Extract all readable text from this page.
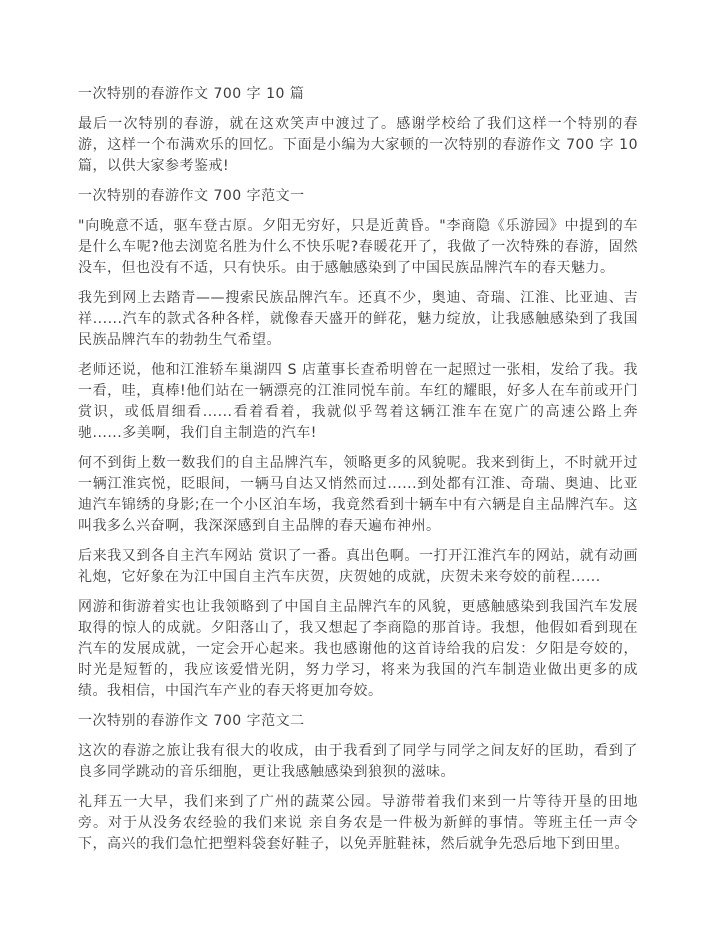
一次特别的春游作文 700 字 10 篇

最后一次特别的春游，就在这欢笑声中渡过了。感谢学校给了我们这样一个特别的春游，这样一个布满欢乐的回忆。下面是小编为大家顿的一次特别的春游作文 700 字 10 篇，以供大家参考鉴戒!

一次特别的春游作文 700 字范文一

"向晚意不适，驱车登古原。夕阳无穷好，只是近黄昏。"李商隐《乐游园》中提到的车是什么车呢?他去浏览名胜为什么不快乐呢?春暖花开了，我做了一次特殊的春游，固然没车，但也没有不适，只有快乐。由于感触感染到了中国民族品牌汽车的春天魅力。

我先到网上去踏青——搜索民族品牌汽车。还真不少，奥迪、奇瑞、江淮、比亚迪、吉祥......汽车的款式各种各样，就像春天盛开的鲜花，魅力绽放，让我感触感染到了我国民族品牌汽车的勃勃生气希望。

老师还说，他和江淮轿车巢湖四 S 店董事长查希明曾在一起照过一张相，发给了我。我一看，哇，真棒!他们站在一辆漂亮的江淮同悦车前。车红的耀眼，好多人在车前或开门赏识，或低眉细看......看着看着，我就似乎驾着这辆江淮车在宽广的高速公路上奔驰......多美啊，我们自主制造的汽车!

何不到街上数一数我们的自主品牌汽车，领略更多的风貌呢。我来到街上，不时就开过一辆江淮宾悦，眨眼间，一辆马自达又悄然而过......到处都有江淮、奇瑞、奥迪、比亚迪汽车锦绣的身影;在一个小区泊车场，我竟然看到十辆车中有六辆是自主品牌汽车。这叫我多么兴奋啊，我深深感到自主品牌的春天遍布神州。

后来我又到各自主汽车网站 赏识了一番。真出色啊。一打开江淮汽车的网站，就有动画礼炮，它好象在为江中国自主汽车庆贺，庆贺她的成就，庆贺未来夸姣的前程......

网游和街游着实也让我领略到了中国自主品牌汽车的风貌，更感触感染到我国汽车发展取得的惊人的成就。夕阳落山了，我又想起了李商隐的那首诗。我想，他假如看到现在汽车的发展成就，一定会开心起来。我也感谢他的这首诗给我的启发：夕阳是夸姣的，时光是短暂的，我应该爱惜光阴，努力学习，将来为我国的汽车制造业做出更多的成绩。我相信，中国汽车产业的春天将更加夸姣。

一次特别的春游作文 700 字范文二

这次的春游之旅让我有很大的收成，由于我看到了同学与同学之间友好的匡助，看到了良多同学跳动的音乐细胞，更让我感触感染到狼狈的滋味。

礼拜五一大早，我们来到了广州的蔬菜公园。导游带着我们来到一片等待开垦的田地旁。对于从没务农经验的我们来说 亲自务农是一件极为新鲜的事情。等班主任一声令下，高兴的我们急忙把塑料袋套好鞋子，以免弄脏鞋袜，然后就争先恐后地下到田里。
